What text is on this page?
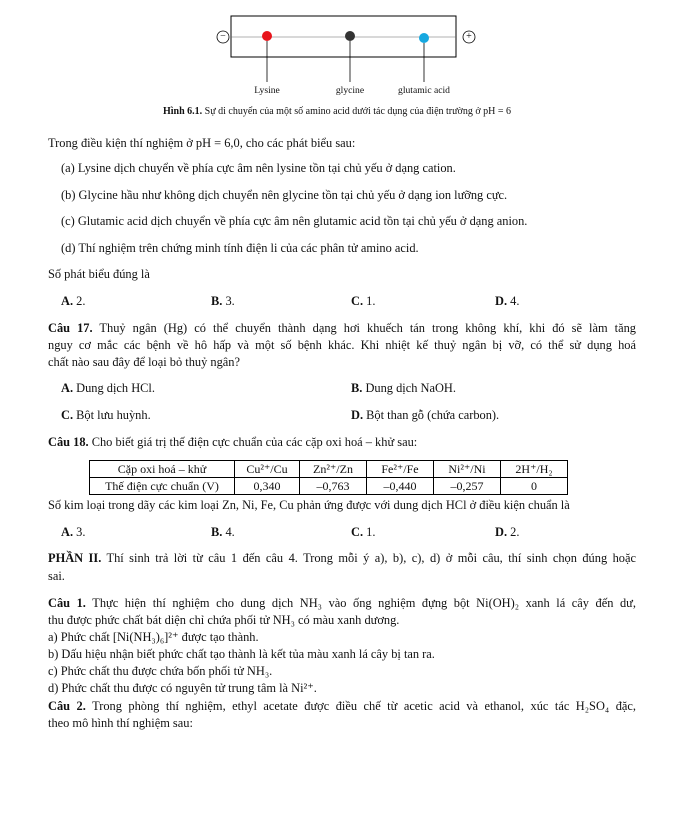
−	+
Lysine	glycine	glutamic acid
Hình 6.1. Sự di chuyển của một số amino acid dưới tác dụng của điện trường ở pH = 6
Trong điều kiện thí nghiệm ở pH = 6,0, cho các phát biểu sau:
(a) Lysine dịch chuyển về phía cực âm nên lysine tồn tại chủ yếu ở dạng cation.
(b) Glycine hầu như không dịch chuyển nên glycine tồn tại chủ yếu ở dạng ion lưỡng cực.
(c) Glutamic acid dịch chuyển về phía cực âm nên glutamic acid tồn tại chủ yếu ở dạng anion.
(d) Thí nghiệm trên chứng minh tính điện li của các phân tử amino acid.
Số phát biểu đúng là
A. 2.	B. 3.	C. 1.	D. 4.
Câu 17. Thuỷ ngân (Hg) có thể chuyển thành dạng hơi khuếch tán trong không khí, khi đó sẽ làm tăng
nguy cơ mắc các bệnh về hô hấp và một số bệnh khác. Khi nhiệt kế thuỷ ngân bị vỡ, có thể sử dụng hoá
chất nào sau đây để loại bỏ thuỷ ngân?
A. Dung dịch HCl.	B. Dung dịch NaOH.
C. Bột lưu huỳnh.	D. Bột than gỗ (chứa carbon).
Câu 18. Cho biết giá trị thế điện cực chuẩn của các cặp oxi hoá – khử sau:
Cặp oxi hoá – khử	Cu²⁺/Cu	Zn²⁺/Zn	Fe²⁺/Fe	Ni²⁺/Ni	2H⁺/H₂
Thế điện cực chuẩn (V)	0,340	–0,763	–0,440	–0,257	0
Số kim loại trong dãy các kim loại Zn, Ni, Fe, Cu phản ứng được với dung dịch HCl ở điều kiện chuẩn là
A. 3.	B. 4.	C. 1.	D. 2.
PHẦN II. Thí sinh trả lời từ câu 1 đến câu 4. Trong mỗi ý a), b), c), d) ở mỗi câu, thí sinh chọn đúng hoặc
sai.
Câu 1. Thực hiện thí nghiệm cho dung dịch NH₃ vào ống nghiệm đựng bột Ni(OH)₂ xanh lá cây đến dư,
thu được phức chất bát diện chỉ chứa phối tử NH₃ có màu xanh dương.
a) Phức chất [Ni(NH₃)₆]²⁺ được tạo thành.
b) Dấu hiệu nhận biết phức chất tạo thành là kết tủa màu xanh lá cây bị tan ra.
c) Phức chất thu được chứa bốn phối tử NH₃.
d) Phức chất thu được có nguyên tử trung tâm là Ni²⁺.
Câu 2. Trong phòng thí nghiệm, ethyl acetate được điều chế từ acetic acid và ethanol, xúc tác H₂SO₄ đặc,
theo mô hình thí nghiệm sau:
